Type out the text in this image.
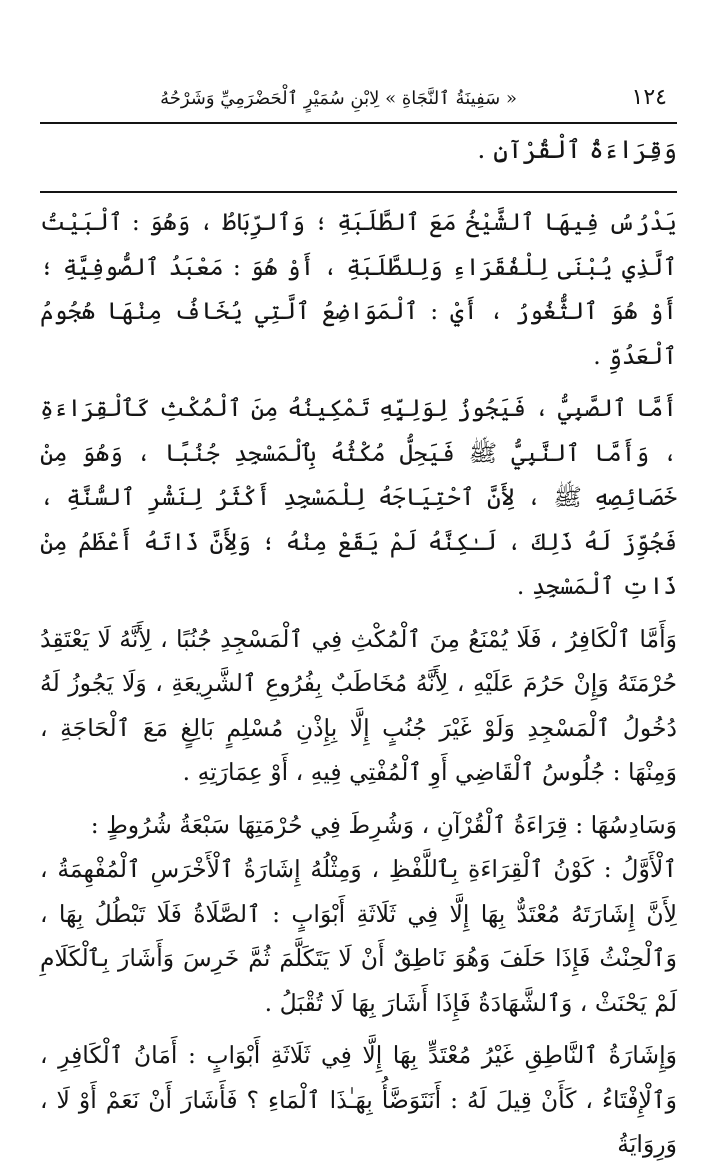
١٢٤
« سَفِينَةُ ٱلنَّجَاةِ » لِابْنِ سُمَيْرٍ ٱلْحَضْرَمِيِّ وَشَرْحُهُ
وَقِرَاءَةُ ٱلْقُرْآنِ .

يَدْرُسُ فِيهَا ٱلشَّيْخُ مَعَ ٱلطَّلَبَةِ ؛ وَٱلرِّبَاطُ ، وَهُوَ : ٱلْبَيْتُ ٱلَّذِي يُبْنَى لِلْفُقَرَاءِ وَلِلطَّلَبَةِ ، أَوْ هُوَ : مَعْبَدُ ٱلصُّوفِيَّةِ ؛ أَوْ هُوَ ٱلثُّغُورُ ، أَيْ : ٱلْمَوَاضِعُ ٱلَّتِي يُخَافُ مِنْهَا هُجُومُ ٱلْعَدُوِّ .

أَمَّا ٱلصَّبِيُّ ، فَيَجُوزُ لِوَلِيِّهِ تَمْكِينُهُ مِنَ ٱلْمُكْثِ كَٱلْقِرَاءَةِ ، وَأَمَّا ٱلنَّبِيُّ ﷺ فَيَحِلُّ مُكْثُهُ بِٱلْمَسْجِدِ جُنُبًا ، وَهُوَ مِنْ خَصَائِصِهِ ﷺ ، لِأَنَّ ٱحْتِيَاجَهُ لِلْمَسْجِدِ أَكْثَرُ لِنَشْرِ ٱلسُّنَّةِ ، فَجُوِّزَ لَهُ ذَلِكَ ، لَـٰكِنَّهُ لَمْ يَقَعْ مِنْهُ ؛ وَلِأَنَّ ذَاتَهُ أَعْظَمُ مِنْ ذَاتِ ٱلْمَسْجِدِ .

وَأَمَّا ٱلْكَافِرُ ، فَلَا يُمْنَعُ مِنَ ٱلْمُكْثِ فِي ٱلْمَسْجِدِ جُنُبًا ، لِأَنَّهُ لَا يَعْتَقِدُ حُرْمَتَهُ وَإِنْ حَرُمَ عَلَيْهِ ، لِأَنَّهُ مُخَاطَبٌ بِفُرُوعِ ٱلشَّرِيعَةِ ، وَلَا يَجُوزُ لَهُ دُخُولُ ٱلْمَسْجِدِ وَلَوْ غَيْرَ جُنُبٍ إِلَّا بِإِذْنِ مُسْلِمٍ بَالِغٍ مَعَ ٱلْحَاجَةِ ، وَمِنْهَا : جُلُوسُ ٱلْقَاضِي أَوِ ٱلْمُفْتِي فِيهِ ، أَوْ عِمَارَتِهِ .

وَسَادِسُهَا : قِرَاءَةُ ٱلْقُرْآنِ ، وَشُرِطَ فِي حُرْمَتِهَا سَبْعَةُ شُرُوطٍ :

ٱلْأَوَّلُ : كَوْنُ ٱلْقِرَاءَةِ بِٱللَّفْظِ ، وَمِثْلُهُ إِشَارَةُ ٱلْأَخْرَسِ ٱلْمُفْهِمَةُ ، لِأَنَّ إِشَارَتَهُ مُعْتَدٌّ بِهَا إِلَّا فِي ثَلَاثَةِ أَبْوَابٍ : ٱلصَّلَاةُ فَلَا تَبْطُلُ بِهَا ، وَٱلْحِنْثُ فَإِذَا حَلَفَ وَهُوَ نَاطِقٌ أَنْ لَا يَتَكَلَّمَ ثُمَّ خَرِسَ وَأَشَارَ بِٱلْكَلَامِ لَمْ يَحْنَثْ ، وَٱلشَّهَادَةُ فَإِذَا أَشَارَ بِهَا لَا تُقْبَلُ .

وَإِشَارَةُ ٱلنَّاطِقِ غَيْرُ مُعْتَدٍّ بِهَا إِلَّا فِي ثَلَاثَةِ أَبْوَابٍ : أَمَانُ ٱلْكَافِرِ ، وَٱلْإِفْتَاءُ ، كَأَنْ قِيلَ لَهُ : أَنَتَوَضَّأُ بِهَـٰذَا ٱلْمَاءِ ؟ فَأَشَارَ أَنْ نَعَمْ أَوْ لَا ، وَرِوَايَةُ
